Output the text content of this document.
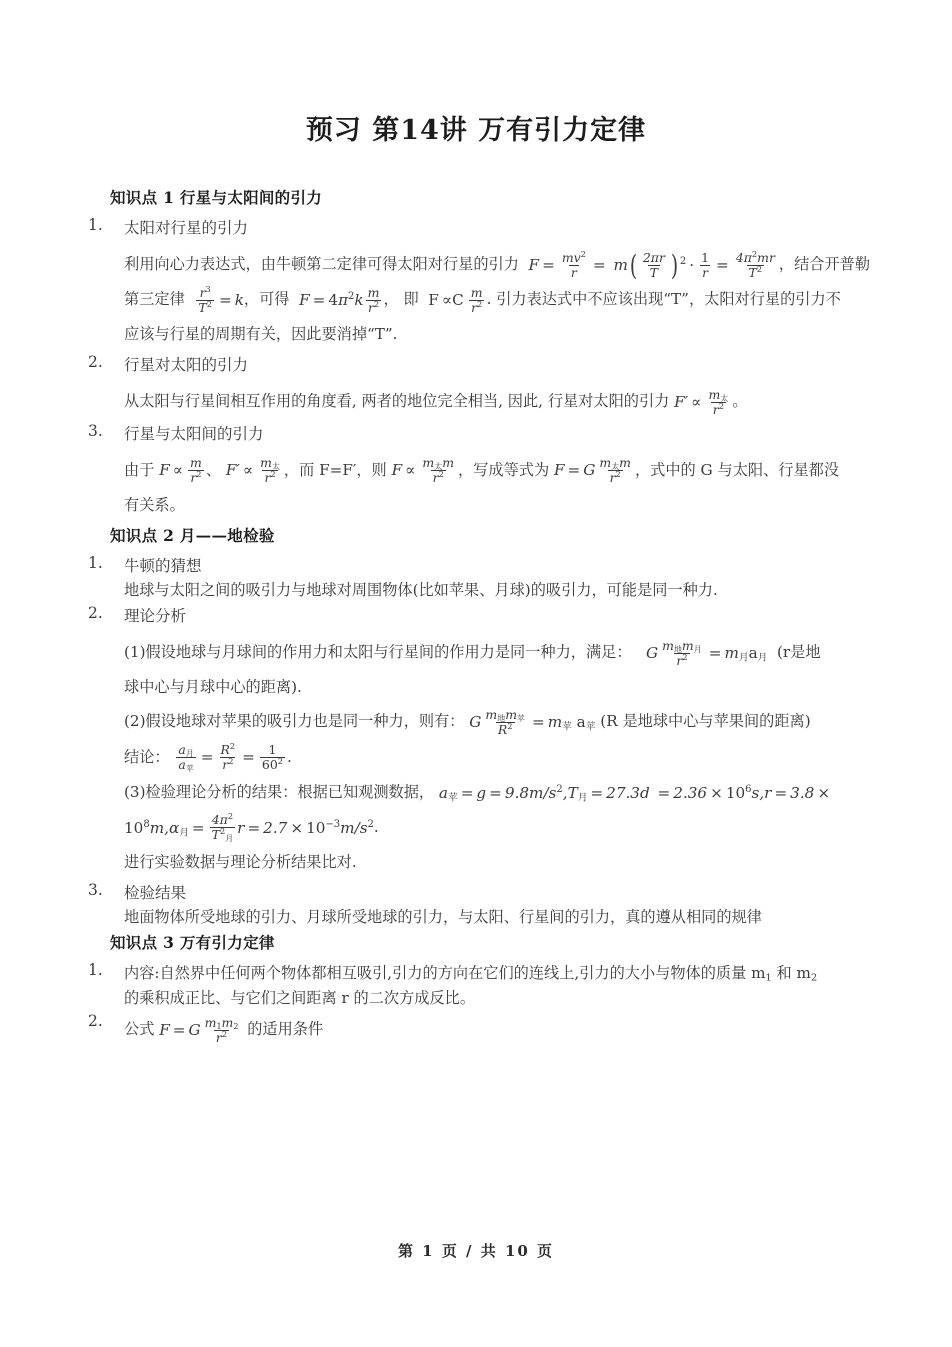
预习 第14讲 万有引力定律
知识点 1 行星与太阳间的引力
1.	太阳对行星的引力

利用向心力表达式，由牛顿第二定律可得太阳对行星的引力 $F = \frac{mv^2}{r} = m( \frac{2\pi r}{T}$ ) $^2 \cdot \frac{1}{r} = \frac{4\pi^2mr}{T^2}$ ，结合开普勒

第三定律 $\frac{r^3}{T^2} = k$，可得 $F = 4\pi^2k \frac{m}{r^2}$ ， 即 $F \propto C \frac{m}{r^2}$ . 引力表达式中不应该出现“T”，太阳对行星的引力不

应该与行星的周期有关，因此要消掉“T”.

2.	行星对太阳的引力

从太阳与行星间相互作用的角度看, 两者的地位完全相当, 因此, 行星对太阳的引力 $F' \propto \frac{m_太}{r^2}$ 。

3.	行星与太阳间的引力

由于 $F \propto \frac{m}{r^2}$ 、 $F' \propto \frac{m_太}{r^2}$ ，而 F=F′，则 $F \propto \frac{m_太m}{r^2}$ ，写成等式为 F = G $\frac{m_太m}{r^2}$ ，式中的 G 与太阳、行星都没

有关系。

知识点 2 月——地检验
1.	牛顿的猜想

地球与太阳之间的吸引力与地球对周围物体(比如苹果、月球)的吸引力，可能是同一种力.

2.	理论分析

(1)假设地球与月球间的作用力和太阳与行星间的作用力是同一种力，满足： G $\frac{m_地m_月}{r^2} = m_月a_月$ (r是地

球中心与月球中心的距离).

(2)假设地球对苹果的吸引力也是同一种力，则有： G $\frac{m_地m_苹}{R^2} = m_苹$ $a_苹$ (R 是地球中心与苹果间的距离)

结论： $\frac{a_月}{a_苹} = \frac{R^2}{r^2} = \frac{1}{60^2}$ .

(3)检验理论分析的结果：根据已知观测数据， $a_苹 = g = 9.8m/s^2,T_月 = 27.3d = 2.36 \times 10^6s,r = 3.8$ ×

$10^8m,\alpha_月 = \frac{4\pi^2}{T^2_月}$ $r = 2.7 \times 10^{-3}m/s^2$.

进行实验数据与理论分析结果比对.

3.	检验结果

地面物体所受地球的引力、月球所受地球的引力，与太阳、行星间的引力，真的遵从相同的规律

知识点 3 万有引力定律
1.	内容:自然界中任何两个物体都相互吸引,引力的方向在它们的连线上,引力的大小与物体的质量 $m_1$ 和 $m_2$
的乘积成正比、与它们之间距离 r 的二次方成反比。

2.	公式 F = G $\frac{m_1m_2}{r^2}$ 的适用条件

第 1 页 / 共 10 页
